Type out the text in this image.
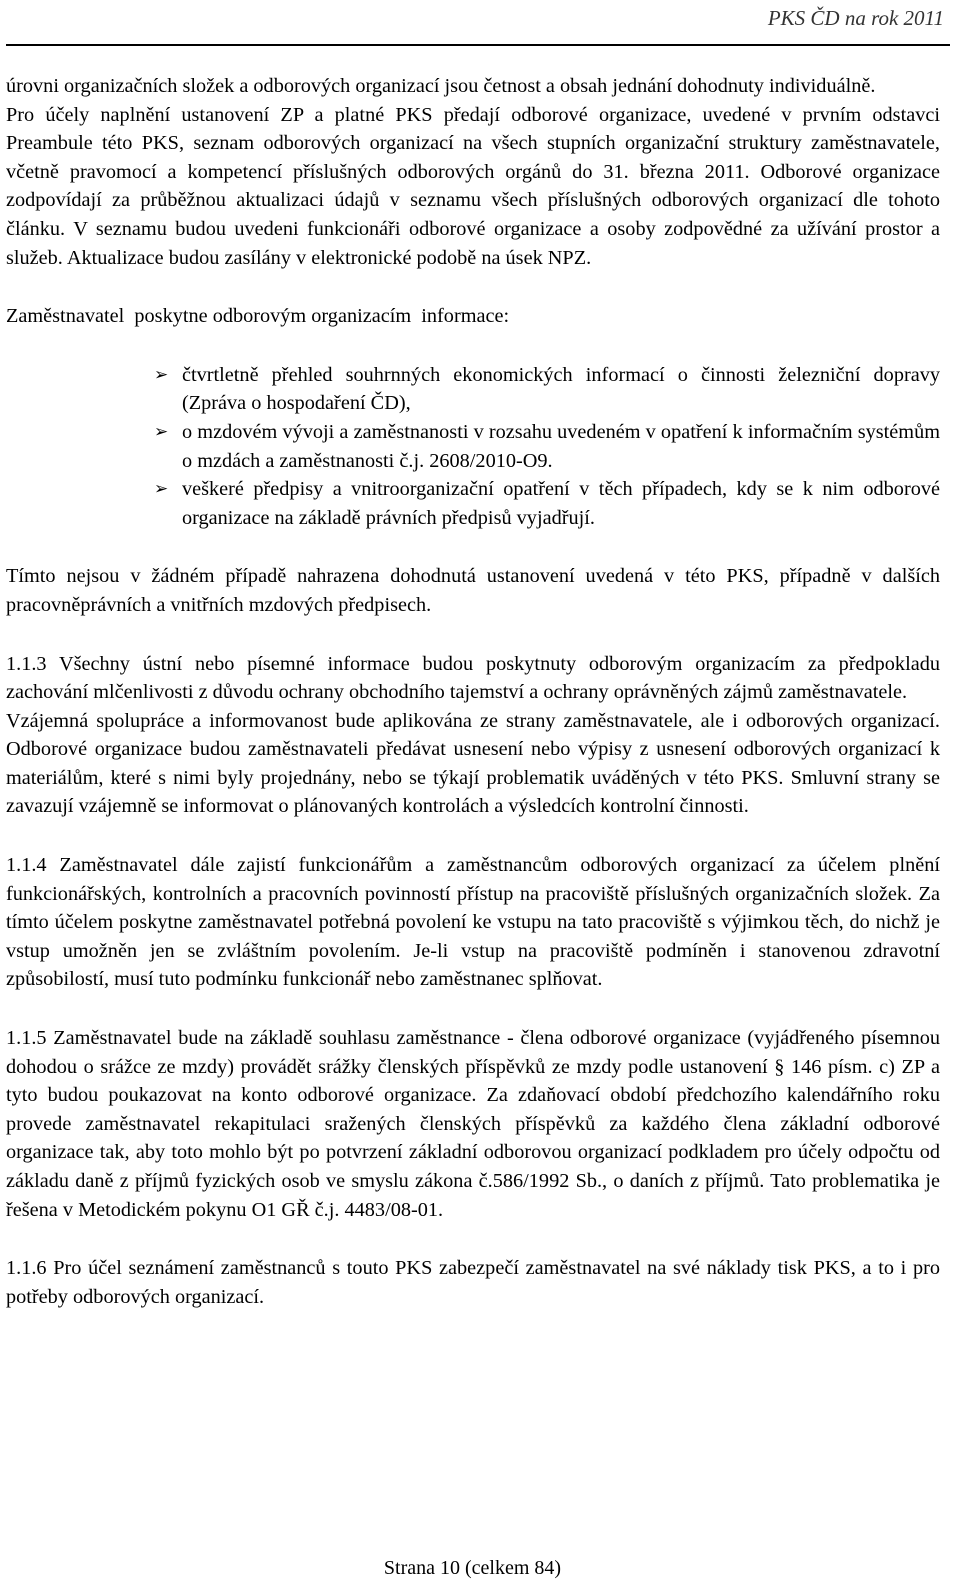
PKS ČD na rok 2011

úrovni organizačních složek a odborových organizací jsou četnost a obsah jednání dohodnuty individuálně.

Pro účely naplnění ustanovení ZP a platné PKS předají odborové organizace, uvedené v prvním odstavci Preambule této PKS, seznam odborových organizací na všech stupních organizační struktury zaměstnavatele, včetně pravomocí a kompetencí příslušných odborových orgánů do 31. března 2011. Odborové organizace zodpovídají za průběžnou aktualizaci údajů v seznamu všech příslušných odborových organizací dle tohoto článku. V seznamu budou uvedeni funkcionáři odborové organizace a osoby zodpovědné za užívání prostor a služeb. Aktualizace budou zasílány v elektronické podobě na úsek NPZ.

Zaměstnavatel  poskytne odborovým organizacím  informace:

➢ čtvrtletně přehled souhrnných ekonomických informací o činnosti železniční dopravy (Zpráva o hospodaření ČD),
➢ o mzdovém vývoji a zaměstnanosti v rozsahu uvedeném v opatření k informačním systémům o mzdách a zaměstnanosti č.j. 2608/2010-O9.
➢ veškeré předpisy a vnitroorganizační opatření v těch případech, kdy se k nim odborové organizace na základě právních předpisů vyjadřují.

Tímto nejsou v žádném případě nahrazena dohodnutá ustanovení uvedená v této PKS, případně v dalších pracovněprávních a vnitřních mzdových předpisech.

1.1.3 Všechny ústní nebo písemné informace budou poskytnuty odborovým organizacím za předpokladu zachování mlčenlivosti z důvodu ochrany obchodního tajemství a ochrany oprávněných zájmů zaměstnavatele.

Vzájemná spolupráce a informovanost bude aplikována ze strany zaměstnavatele, ale i odborových organizací. Odborové organizace budou zaměstnavateli předávat usnesení nebo výpisy z usnesení odborových organizací k materiálům, které s nimi byly projednány, nebo se týkají problematik uváděných v této PKS. Smluvní strany se zavazují vzájemně se informovat o plánovaných kontrolách a výsledcích kontrolní činnosti.

1.1.4 Zaměstnavatel dále zajistí funkcionářům a zaměstnancům odborových organizací za účelem plnění funkcionářských, kontrolních a pracovních povinností přístup na pracoviště příslušných organizačních složek. Za tímto účelem poskytne zaměstnavatel potřebná povolení ke vstupu na tato pracoviště s výjimkou těch, do nichž je vstup umožněn jen se zvláštním povolením. Je-li vstup na pracoviště podmíněn i stanovenou zdravotní způsobilostí, musí tuto podmínku funkcionář nebo zaměstnanec splňovat.

1.1.5 Zaměstnavatel bude na základě souhlasu zaměstnance - člena odborové organizace (vyjádřeného písemnou dohodou o srážce ze mzdy) provádět srážky členských příspěvků ze mzdy podle ustanovení § 146 písm. c) ZP a tyto budou poukazovat na konto odborové organizace. Za zdaňovací období předchozího kalendářního roku provede zaměstnavatel rekapitulaci sražených členských příspěvků za každého člena základní odborové organizace tak, aby toto mohlo být po potvrzení základní odborovou organizací podkladem pro účely odpočtu od základu daně z příjmů fyzických osob ve smyslu zákona č.586/1992 Sb., o daních z příjmů. Tato problematika je řešena v Metodickém pokynu O1 GŘ č.j. 4483/08-01.

1.1.6 Pro účel seznámení zaměstnanců s touto PKS zabezpečí zaměstnavatel na své náklady tisk PKS, a to i pro potřeby odborových organizací.

Strana 10 (celkem 84)
